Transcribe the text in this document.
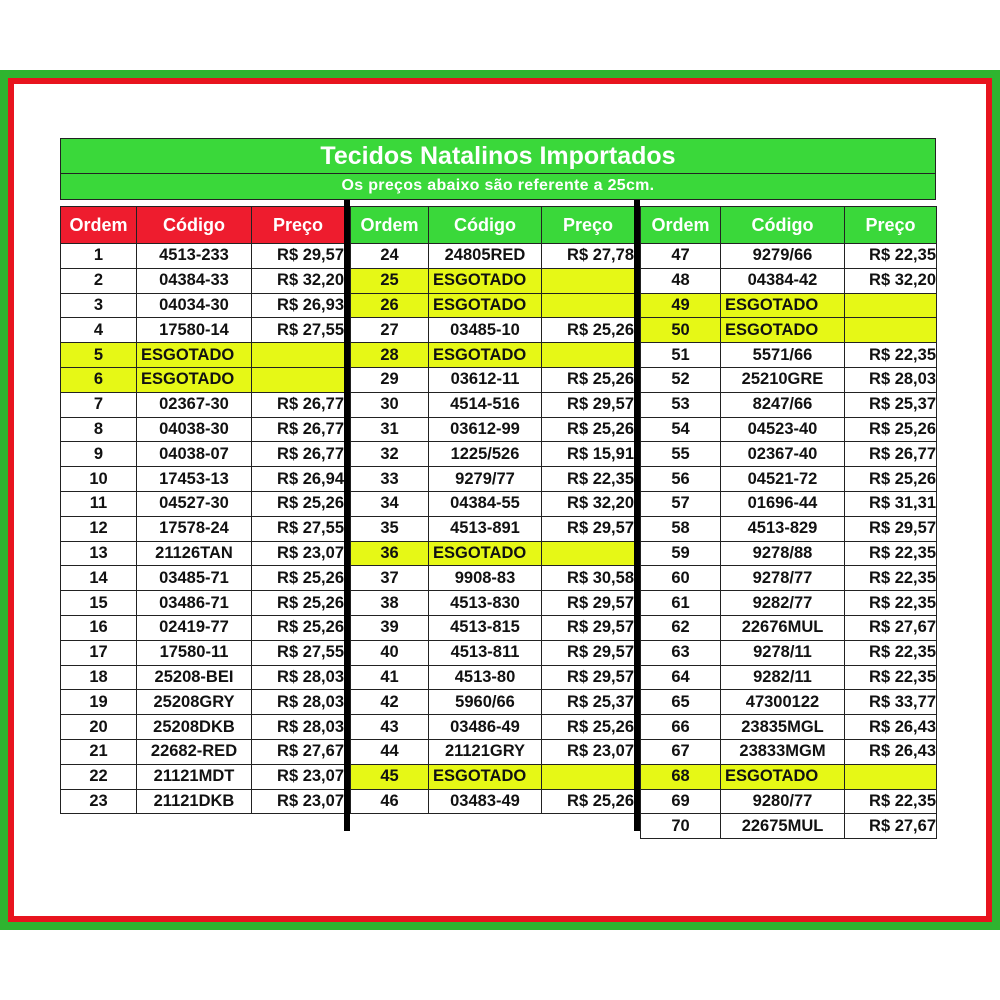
Tecidos Natalinos Importados
Os preços abaixo são referente a 25cm.
Ordem	Código	Preço
1	4513-233	R$ 29,57
2	04384-33	R$ 32,20
3	04034-30	R$ 26,93
4	17580-14	R$ 27,55
5	ESGOTADO	
6	ESGOTADO	
7	02367-30	R$ 26,77
8	04038-30	R$ 26,77
9	04038-07	R$ 26,77
10	17453-13	R$ 26,94
11	04527-30	R$ 25,26
12	17578-24	R$ 27,55
13	21126TAN	R$ 23,07
14	03485-71	R$ 25,26
15	03486-71	R$ 25,26
16	02419-77	R$ 25,26
17	17580-11	R$ 27,55
18	25208-BEI	R$ 28,03
19	25208GRY	R$ 28,03
20	25208DKB	R$ 28,03
21	22682-RED	R$ 27,67
22	21121MDT	R$ 23,07
23	21121DKB	R$ 23,07
Ordem	Código	Preço
24	24805RED	R$ 27,78
25	ESGOTADO	
26	ESGOTADO	
27	03485-10	R$ 25,26
28	ESGOTADO	
29	03612-11	R$ 25,26
30	4514-516	R$ 29,57
31	03612-99	R$ 25,26
32	1225/526	R$ 15,91
33	9279/77	R$ 22,35
34	04384-55	R$ 32,20
35	4513-891	R$ 29,57
36	ESGOTADO	
37	9908-83	R$ 30,58
38	4513-830	R$ 29,57
39	4513-815	R$ 29,57
40	4513-811	R$ 29,57
41	4513-80	R$ 29,57
42	5960/66	R$ 25,37
43	03486-49	R$ 25,26
44	21121GRY	R$ 23,07
45	ESGOTADO	
46	03483-49	R$ 25,26
Ordem	Código	Preço
47	9279/66	R$ 22,35
48	04384-42	R$ 32,20
49	ESGOTADO	
50	ESGOTADO	
51	5571/66	R$ 22,35
52	25210GRE	R$ 28,03
53	8247/66	R$ 25,37
54	04523-40	R$ 25,26
55	02367-40	R$ 26,77
56	04521-72	R$ 25,26
57	01696-44	R$ 31,31
58	4513-829	R$ 29,57
59	9278/88	R$ 22,35
60	9278/77	R$ 22,35
61	9282/77	R$ 22,35
62	22676MUL	R$ 27,67
63	9278/11	R$ 22,35
64	9282/11	R$ 22,35
65	47300122	R$ 33,77
66	23835MGL	R$ 26,43
67	23833MGM	R$ 26,43
68	ESGOTADO	
69	9280/77	R$ 22,35
70	22675MUL	R$ 27,67
